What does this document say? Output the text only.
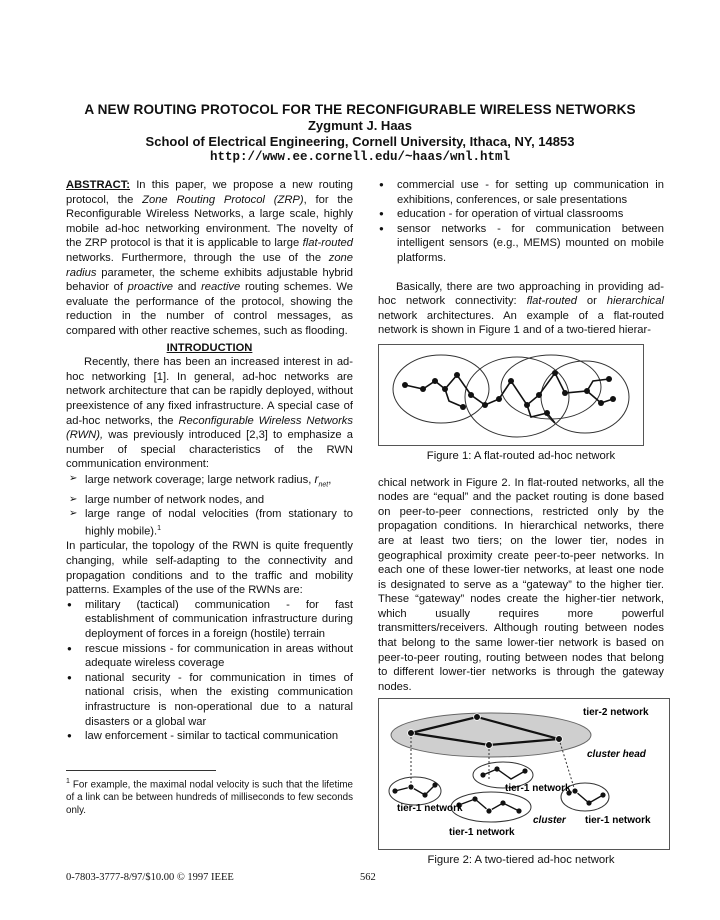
A NEW ROUTING PROTOCOL FOR THE RECONFIGURABLE WIRELESS NETWORKS
Zygmunt J. Haas
School of Electrical Engineering, Cornell University, Ithaca, NY, 14853
http://www.ee.cornell.edu/~haas/wnl.html

ABSTRACT: In this paper, we propose a new routing protocol, the Zone Routing Protocol (ZRP), for the Reconfigurable Wireless Networks, a large scale, highly mobile ad-hoc networking environment. The novelty of the ZRP protocol is that it is applicable to large flat-routed networks. Furthermore, through the use of the zone radius parameter, the scheme exhibits adjustable hybrid behavior of proactive and reactive routing schemes. We evaluate the performance of the protocol, showing the reduction in the number of control messages, as compared with other reactive schemes, such as flooding.

INTRODUCTION

Recently, there has been an increased interest in ad-hoc networking [1]. In general, ad-hoc networks are network architecture that can be rapidly deployed, without preexistence of any fixed infrastructure. A special case of ad-hoc networks, the Reconfigurable Wireless Networks (RWN), was previously introduced [2,3] to emphasize a number of special characteristics of the RWN communication environment:

➢ large network coverage; large network radius, $r_{net}$,
➢ large number of network nodes, and
➢ large range of nodal velocities (from stationary to highly mobile).$^1$

In particular, the topology of the RWN is quite frequently changing, while self-adapting to the connectivity and propagation conditions and to the traffic and mobility patterns. Examples of the use of the RWNs are:

● military (tactical) communication - for fast establishment of communication infrastructure during deployment of forces in a foreign (hostile) terrain
● rescue missions - for communication in areas without adequate wireless coverage
● national security - for communication in times of national crisis, when the existing communication infrastructure is non-operational due to a natural disasters or a global war
● law enforcement - similar to tactical communication

$^1$ For example, the maximal nodal velocity is such that the lifetime of a link can be between hundreds of milliseconds to few seconds only.

● commercial use - for setting up communication in exhibitions, conferences, or sale presentations
● education - for operation of virtual classrooms
● sensor networks - for communication between intelligent sensors (e.g., MEMS) mounted on mobile platforms.

Basically, there are two approaching in providing ad-hoc network connectivity: flat-routed or hierarchical network architectures. An example of a flat-routed network is shown in Figure 1 and of a two-tiered hierar-

Figure 1: A flat-routed ad-hoc network

chical network in Figure 2. In flat-routed networks, all the nodes are “equal” and the packet routing is done based on peer-to-peer connections, restricted only by the propagation conditions. In hierarchical networks, there are at least two tiers; on the lower tier, nodes in geographical proximity create peer-to-peer networks. In each one of these lower-tier networks, at least one node is designated to serve as a “gateway” to the higher tier. These “gateway” nodes create the higher-tier network, which usually requires more powerful transmitters/receivers. Although routing between nodes that belong to the same lower-tier network is based on peer-to-peer routing, routing between nodes that belong to different lower-tier networks is through the gateway nodes.

tier-2 network
cluster head
tier-1 network
tier-1 network
cluster tier-1 network
tier-1 network
Figure 2: A two-tiered ad-hoc network
0-7803-3777-8/97/$10.00 © 1997 IEEE	562
